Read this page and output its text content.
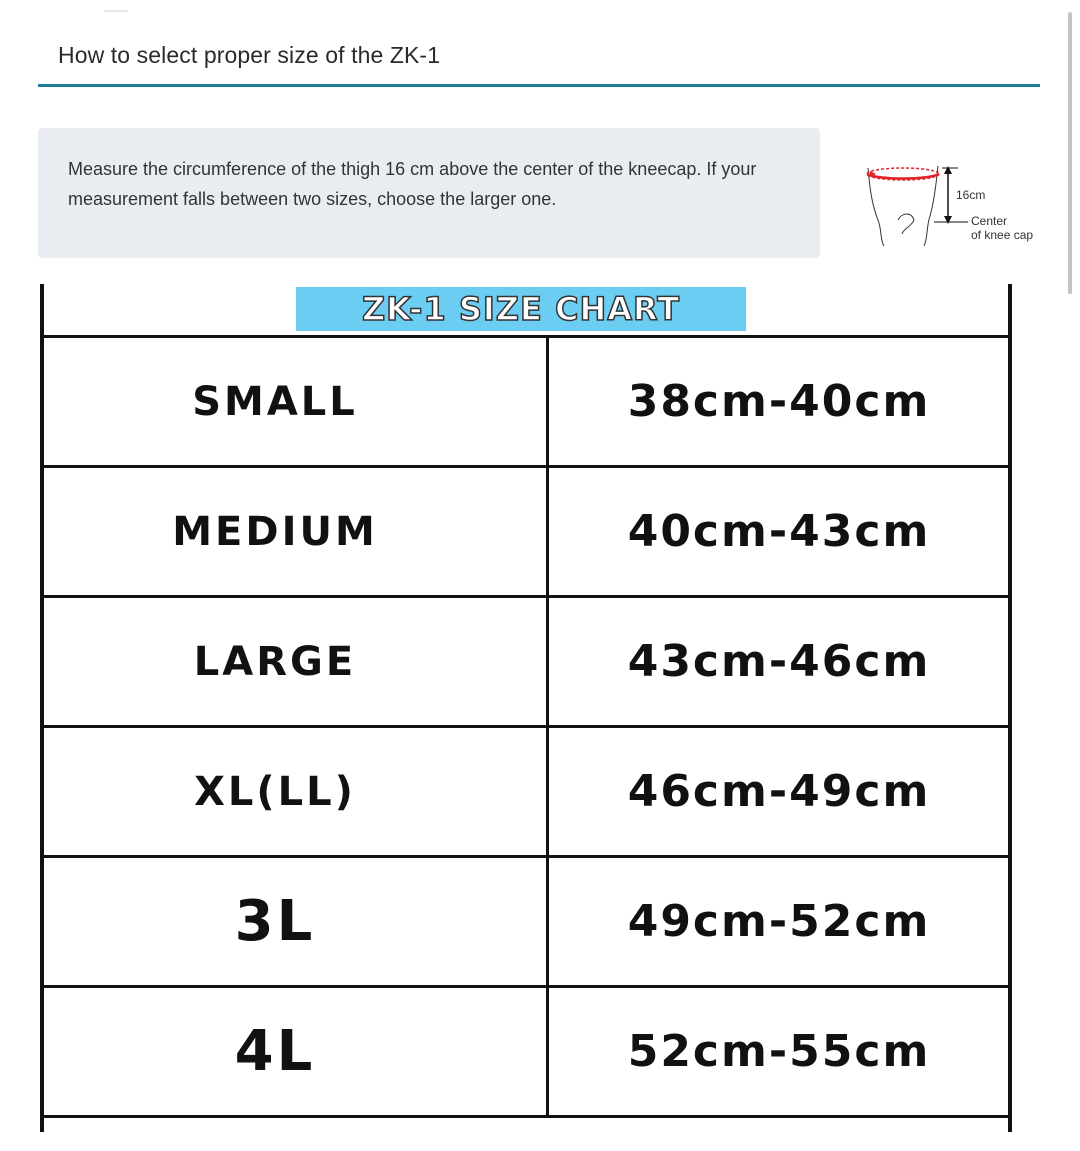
How to select proper size of the ZK-1
Measure the circumference of the thigh 16 cm above the center of the kneecap. If your measurement falls between two sizes, choose the larger one.	16cm
Center
of knee cap
ZK-1 SIZE CHART
SMALL	38cm-40cm
MEDIUM	40cm-43cm
LARGE	43cm-46cm
XL(LL)	46cm-49cm
3L	49cm-52cm
4L	52cm-55cm
